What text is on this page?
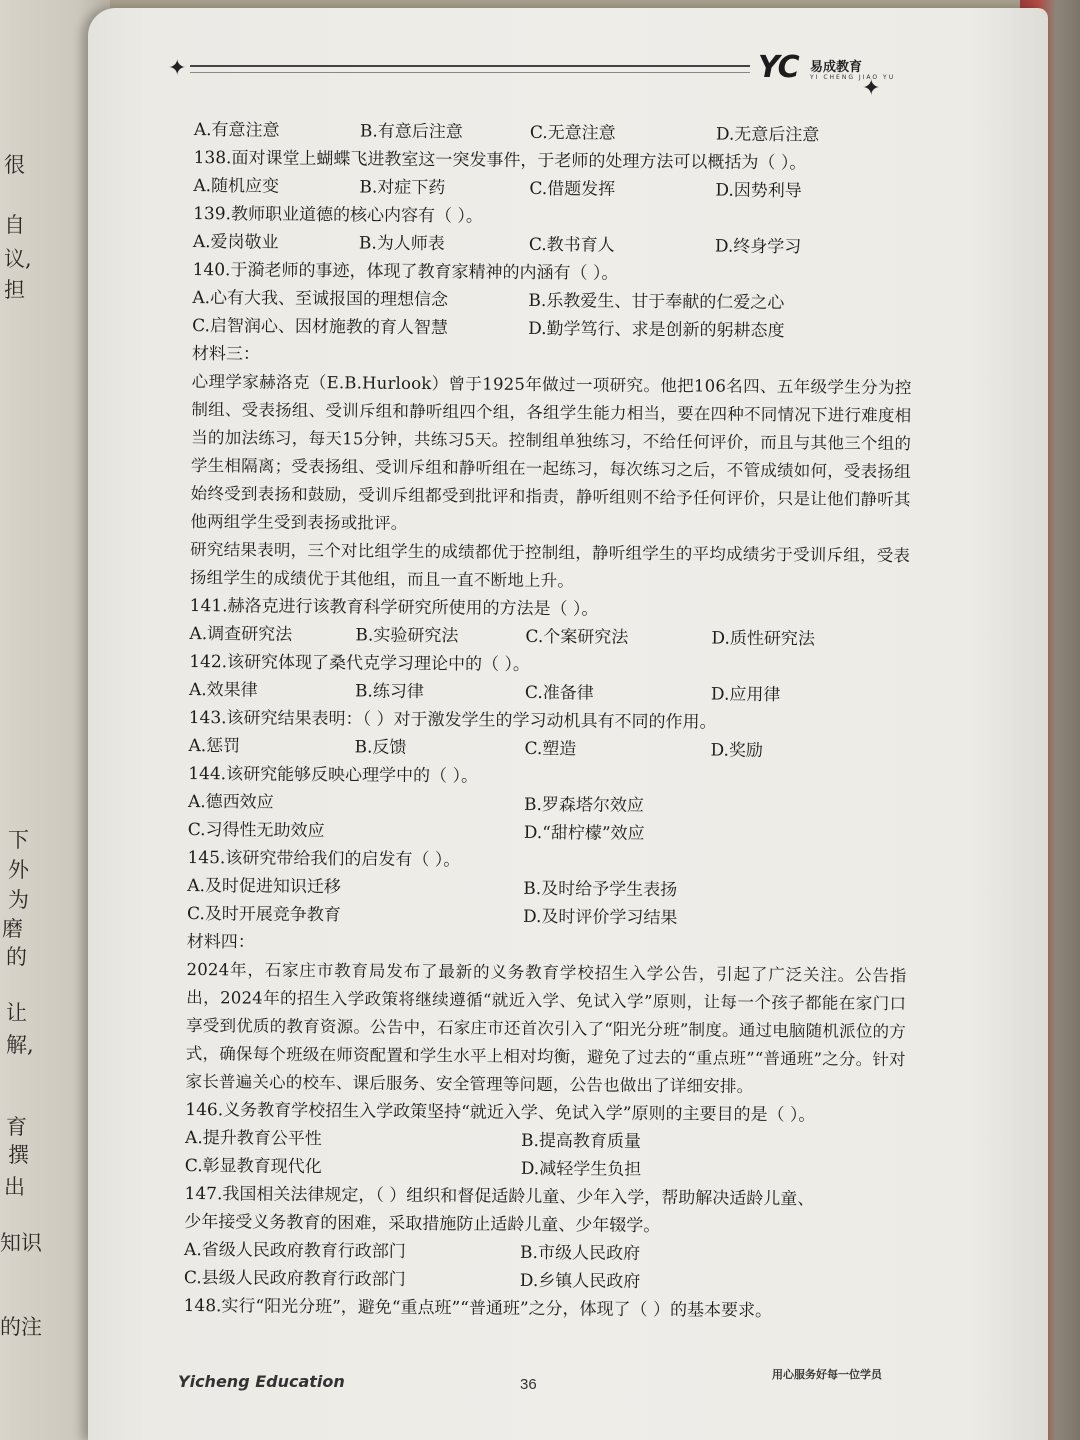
很
自
议,
担
下
外
为
磨
的
让
解,
育
撰
出
知识
的注
✦
✦
YC 易成教育
YI CHENG JIAO YU
A.有意注意	B.有意后注意	C.无意注意	D.无意后注意
138.面对课堂上蝴蝶飞进教室这一突发事件，于老师的处理方法可以概括为（ ）。
A.随机应变	B.对症下药	C.借题发挥	D.因势利导
139.教师职业道德的核心内容有（ ）。
A.爱岗敬业	B.为人师表	C.教书育人	D.终身学习
140.于漪老师的事迹，体现了教育家精神的内涵有（ ）。
A.心有大我、至诚报国的理想信念	B.乐教爱生、甘于奉献的仁爱之心
C.启智润心、因材施教的育人智慧	D.勤学笃行、求是创新的躬耕态度
材料三：
心理学家赫洛克（E.B.Hurlook）曾于1925年做过一项研究。他把106名四、五年级学生分为控制组、受表扬组、受训斥组和静听组四个组，各组学生能力相当，要在四种不同情况下进行难度相当的加法练习，每天15分钟，共练习5天。控制组单独练习，不给任何评价，而且与其他三个组的学生相隔离；受表扬组、受训斥组和静听组在一起练习，每次练习之后，不管成绩如何，受表扬组始终受到表扬和鼓励，受训斥组都受到批评和指责，静听组则不给予任何评价，只是让他们静听其他两组学生受到表扬或批评。
研究结果表明，三个对比组学生的成绩都优于控制组，静听组学生的平均成绩劣于受训斥组，受表扬组学生的成绩优于其他组，而且一直不断地上升。
141.赫洛克进行该教育科学研究所使用的方法是（ ）。
A.调查研究法	B.实验研究法	C.个案研究法	D.质性研究法
142.该研究体现了桑代克学习理论中的（ ）。
A.效果律	B.练习律	C.准备律	D.应用律
143.该研究结果表明：（ ）对于激发学生的学习动机具有不同的作用。
A.惩罚	B.反馈	C.塑造	D.奖励
144.该研究能够反映心理学中的（ ）。
A.德西效应	B.罗森塔尔效应
C.习得性无助效应	D.“甜柠檬”效应
145.该研究带给我们的启发有（ ）。
A.及时促进知识迁移	B.及时给予学生表扬
C.及时开展竞争教育	D.及时评价学习结果
材料四：
2024年，石家庄市教育局发布了最新的义务教育学校招生入学公告，引起了广泛关注。公告指出，2024年的招生入学政策将继续遵循“就近入学、免试入学”原则，让每一个孩子都能在家门口享受到优质的教育资源。公告中，石家庄市还首次引入了“阳光分班”制度。通过电脑随机派位的方式，确保每个班级在师资配置和学生水平上相对均衡，避免了过去的“重点班”“普通班”之分。针对家长普遍关心的校车、课后服务、安全管理等问题，公告也做出了详细安排。
146.义务教育学校招生入学政策坚持“就近入学、免试入学”原则的主要目的是（ ）。
A.提升教育公平性	B.提高教育质量
C.彰显教育现代化	D.减轻学生负担
147.我国相关法律规定，（ ）组织和督促适龄儿童、少年入学，帮助解决适龄儿童、
少年接受义务教育的困难，采取措施防止适龄儿童、少年辍学。
A.省级人民政府教育行政部门	B.市级人民政府
C.县级人民政府教育行政部门	D.乡镇人民政府
148.实行“阳光分班”，避免“重点班”“普通班”之分，体现了（ ）的基本要求。
Yicheng Education	36
用心服务好每一位学员
